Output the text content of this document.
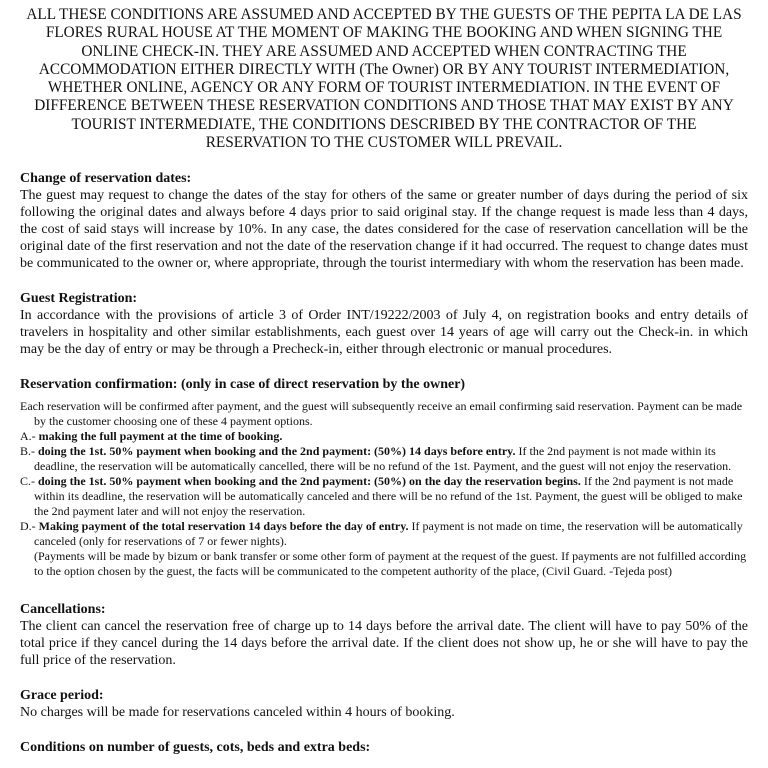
ALL THESE CONDITIONS ARE ASSUMED AND ACCEPTED BY THE GUESTS OF THE PEPITA LA DE LAS FLORES RURAL HOUSE AT THE MOMENT OF MAKING THE BOOKING AND WHEN SIGNING THE ONLINE CHECK-IN. THEY ARE ASSUMED AND ACCEPTED WHEN CONTRACTING THE ACCOMMODATION EITHER DIRECTLY WITH (The Owner) OR BY ANY TOURIST INTERMEDIATION, WHETHER ONLINE, AGENCY OR ANY FORM OF TOURIST INTERMEDIATION. IN THE EVENT OF DIFFERENCE BETWEEN THESE RESERVATION CONDITIONS AND THOSE THAT MAY EXIST BY ANY TOURIST INTERMEDIATE, THE CONDITIONS DESCRIBED BY THE CONTRACTOR OF THE RESERVATION TO THE CUSTOMER WILL PREVAIL.

Change of reservation dates:

The guest may request to change the dates of the stay for others of the same or greater number of days during the period of six following the original dates and always before 4 days prior to said original stay. If the change request is made less than 4 days, the cost of said stays will increase by 10%. In any case, the dates considered for the case of reservation cancellation will be the original date of the first reservation and not the date of the reservation change if it had occurred. The request to change dates must be communicated to the owner or, where appropriate, through the tourist intermediary with whom the reservation has been made.

Guest Registration:

In accordance with the provisions of article 3 of Order INT/19222/2003 of July 4, on registration books and entry details of travelers in hospitality and other similar establishments, each guest over 14 years of age will carry out the Check-in. in which may be the day of entry or may be through a Precheck-in, either through electronic or manual procedures.

Reservation confirmation: (only in case of direct reservation by the owner)

Each reservation will be confirmed after payment, and the guest will subsequently receive an email confirming said reservation. Payment can be made by the customer choosing one of these 4 payment options.

A.- making the full payment at the time of booking.

B.- doing the 1st. 50% payment when booking and the 2nd payment: (50%) 14 days before entry. If the 2nd payment is not made within its deadline, the reservation will be automatically cancelled, there will be no refund of the 1st. Payment, and the guest will not enjoy the reservation.

C.- doing the 1st. 50% payment when booking and the 2nd payment: (50%) on the day the reservation begins. If the 2nd payment is not made within its deadline, the reservation will be automatically canceled and there will be no refund of the 1st. Payment, the guest will be obliged to make the 2nd payment later and will not enjoy the reservation.

D.- Making payment of the total reservation 14 days before the day of entry. If payment is not made on time, the reservation will be automatically canceled (only for reservations of 7 or fewer nights).

(Payments will be made by bizum or bank transfer or some other form of payment at the request of the guest. If payments are not fulfilled according to the option chosen by the guest, the facts will be communicated to the competent authority of the place, (Civil Guard. -Tejeda post)

Cancellations:

The client can cancel the reservation free of charge up to 14 days before the arrival date. The client will have to pay 50% of the total price if they cancel during the 14 days before the arrival date. If the client does not show up, he or she will have to pay the full price of the reservation.

Grace period:

No charges will be made for reservations canceled within 4 hours of booking.

Conditions on number of guests, cots, beds and extra beds:
